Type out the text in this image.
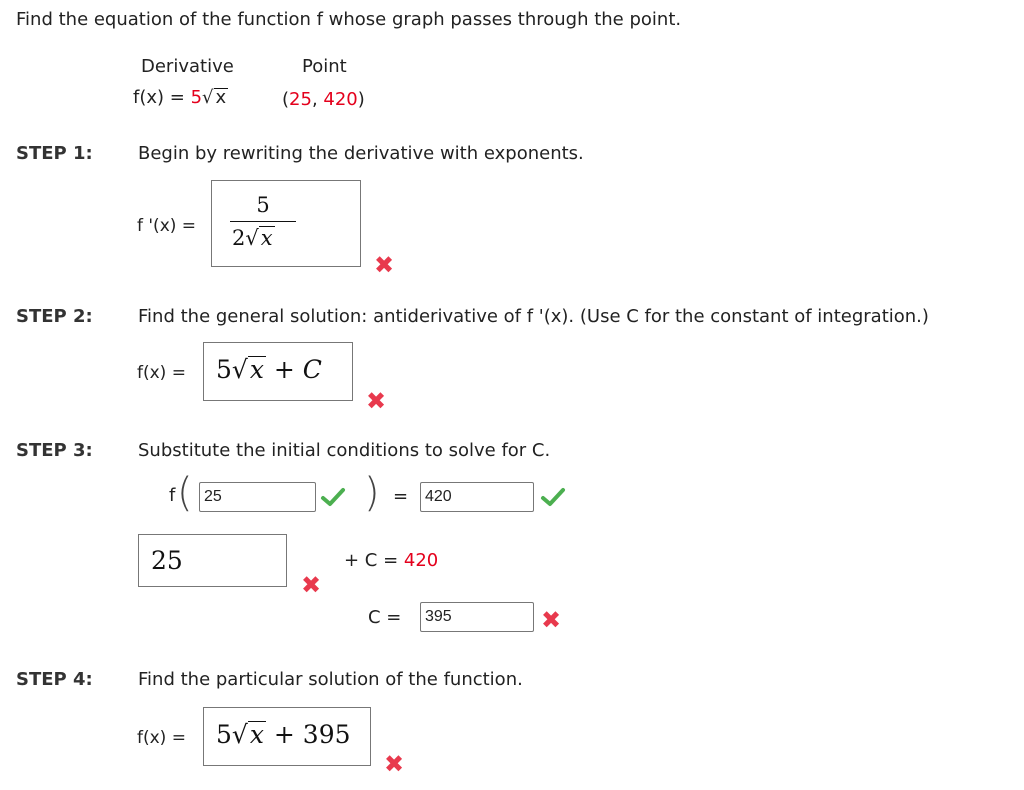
Find the equation of the function f whose graph passes through the point.
Derivative	Point
f(x) = 5√ x	(25, 420)
STEP 1:	Begin by rewriting the derivative with exponents.
f '(x) =
5
2√x
✖
STEP 2:	Find the general solution: antiderivative of f '(x). (Use C for the constant of integration.)
f(x) = 5√x + C
✖
STEP 3:	Substitute the initial conditions to solve for C.
f (
25	) =
420
25
✖
+ C = 420
C =
395	✖
STEP 4:	Find the particular solution of the function.
f(x) = 5√x + 395
✖
